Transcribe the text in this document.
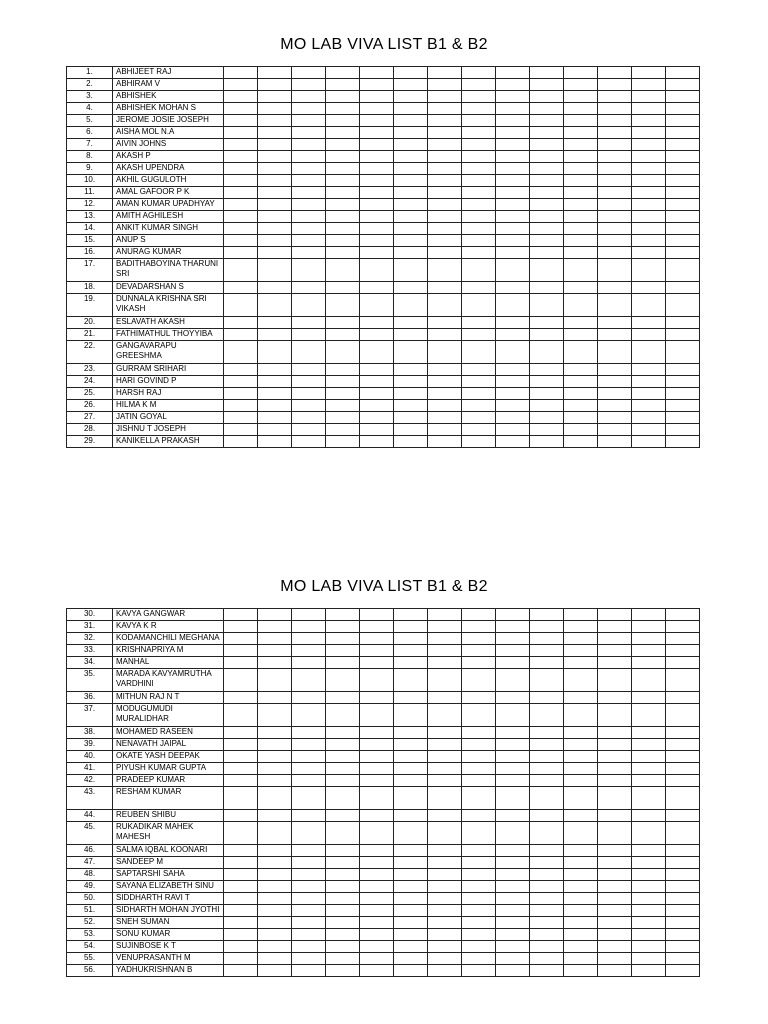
MO LAB VIVA LIST B1 & B2
1.	ABHIJEET RAJ														
2.	ABHIRAM V														
3.	ABHISHEK														
4.	ABHISHEK MOHAN S														
5.	JEROME JOSIE JOSEPH														
6.	AISHA MOL N.A														
7.	AIVIN JOHNS														
8.	AKASH P														
9.	AKASH UPENDRA														
10.	AKHIL GUGULOTH														
11.	AMAL GAFOOR P K														
12.	AMAN KUMAR UPADHYAY														
13.	AMITH AGHILESH														
14.	ANKIT KUMAR SINGH														
15.	ANUP S														
16.	ANURAG KUMAR														
17.	BADITHABOYINA THARUNI SRI														
18.	DEVADARSHAN S														
19.	DUNNALA KRISHNA SRI VIKASH														
20.	ESLAVATH AKASH														
21.	FATHIMATHUL THOYYIBA														
22.	GANGAVARAPU GREESHMA														
23.	GURRAM SRIHARI														
24.	HARI GOVIND P														
25.	HARSH RAJ														
26.	HILMA K M														
27.	JATIN GOYAL														
28.	JISHNU T JOSEPH														
29.	KANIKELLA PRAKASH														
MO LAB VIVA LIST B1 & B2
30.	KAVYA GANGWAR														
31.	KAVYA K R														
32.	KODAMANCHILI MEGHANA														
33.	KRISHNAPRIYA M														
34.	MANHAL														
35.	MARADA KAVYAMRUTHA VARDHINI														
36.	MITHUN RAJ N T														
37.	MODUGUMUDI MURALIDHAR														
38.	MOHAMED RASEEN														
39.	NENAVATH JAIPAL														
40.	OKATE YASH DEEPAK														
41.	PIYUSH KUMAR GUPTA														
42.	PRADEEP KUMAR														
43.	RESHAM KUMAR														
44.	REUBEN SHIBU														
45.	RUKADIKAR MAHEK MAHESH														
46.	SALMA IQBAL KOONARI														
47.	SANDEEP M														
48.	SAPTARSHI SAHA														
49.	SAYANA ELIZABETH SINU														
50.	SIDDHARTH RAVI T														
51.	SIDHARTH MOHAN JYOTHI														
52.	SNEH SUMAN														
53.	SONU KUMAR														
54.	SUJINBOSE K T														
55.	VENUPRASANTH M														
56.	YADHUKRISHNAN B														
